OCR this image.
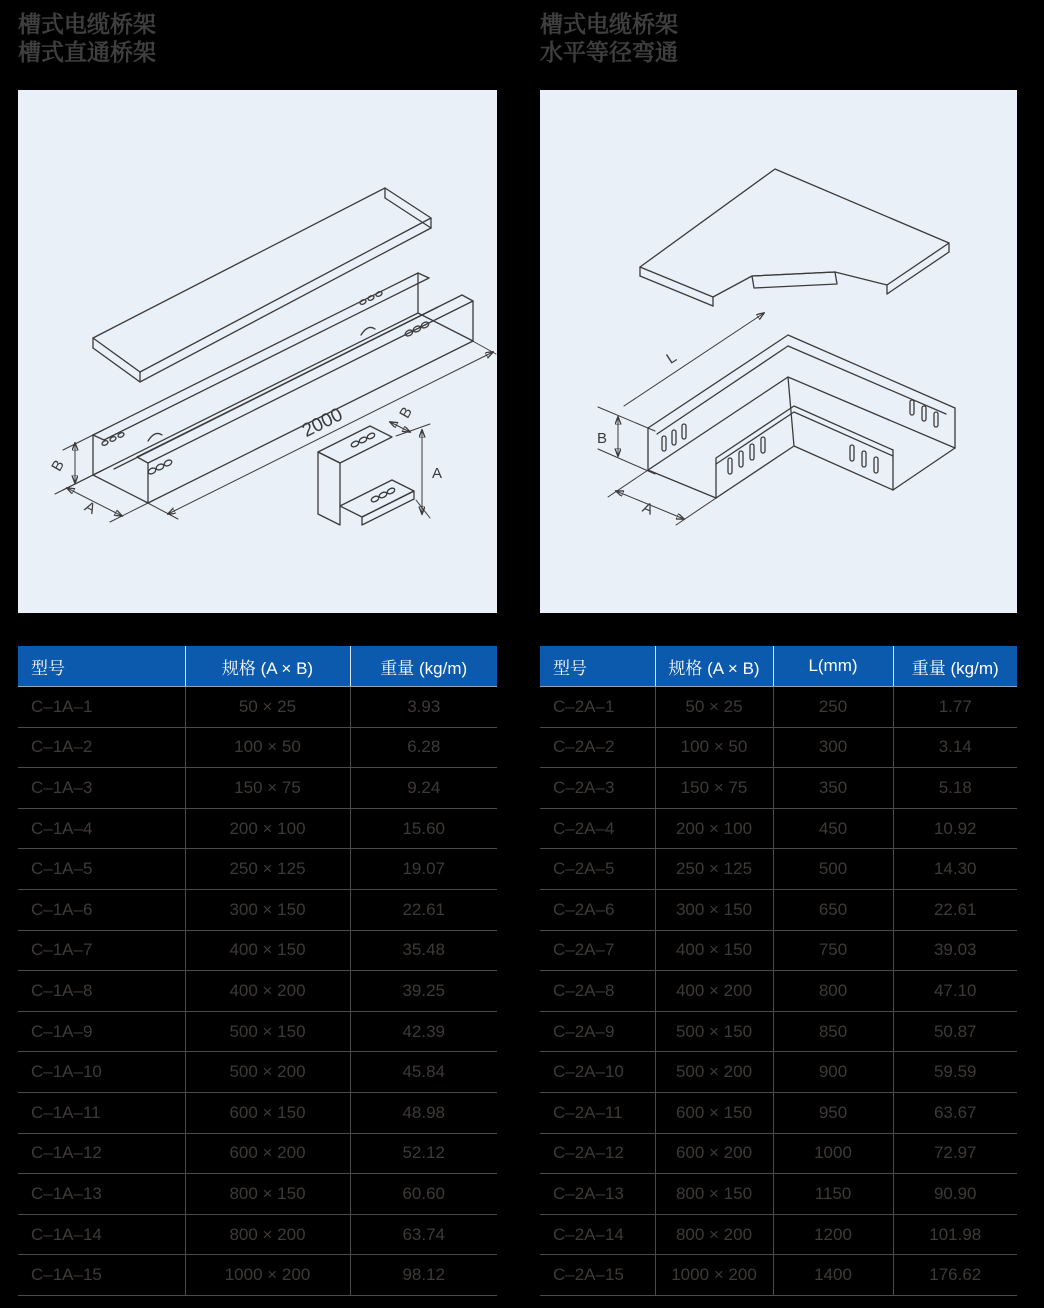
槽式电缆桥架
槽式直通桥架
2000
B
A
B
A
型号	规格 (A × B)	重量 (kg/m)
C–1A–1	50 × 25	3.93
C–1A–2	100 × 50	6.28
C–1A–3	150 × 75	9.24
C–1A–4	200 × 100	15.60
C–1A–5	250 × 125	19.07
C–1A–6	300 × 150	22.61
C–1A–7	400 × 150	35.48
C–1A–8	400 × 200	39.25
C–1A–9	500 × 150	42.39
C–1A–10	500 × 200	45.84
C–1A–11	600 × 150	48.98
C–1A–12	600 × 200	52.12
C–1A–13	800 × 150	60.60
C–1A–14	800 × 200	63.74
C–1A–15	1000 × 200	98.12
槽式电缆桥架
水平等径弯通
L
B
A
型号	规格 (A × B)	L(mm)	重量 (kg/m)
C–2A–1	50 × 25	250	1.77
C–2A–2	100 × 50	300	3.14
C–2A–3	150 × 75	350	5.18
C–2A–4	200 × 100	450	10.92
C–2A–5	250 × 125	500	14.30
C–2A–6	300 × 150	650	22.61
C–2A–7	400 × 150	750	39.03
C–2A–8	400 × 200	800	47.10
C–2A–9	500 × 150	850	50.87
C–2A–10	500 × 200	900	59.59
C–2A–11	600 × 150	950	63.67
C–2A–12	600 × 200	1000	72.97
C–2A–13	800 × 150	1150	90.90
C–2A–14	800 × 200	1200	101.98
C–2A–15	1000 × 200	1400	176.62
